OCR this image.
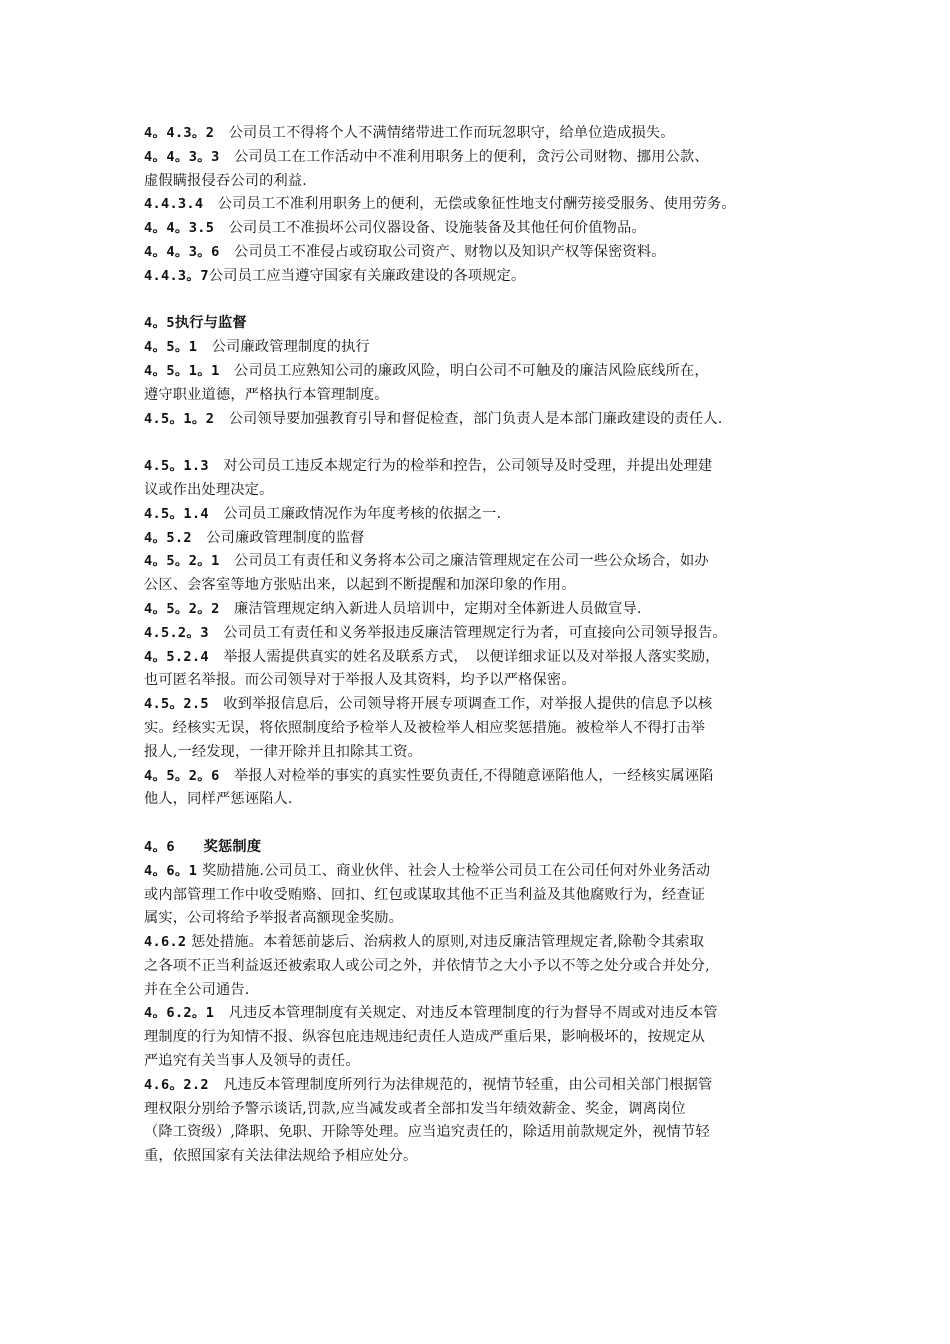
4。4.3。2　公司员工不得将个人不满情绪带进工作而玩忽职守，给单位造成损失。
4。4。3。3　公司员工在工作活动中不准利用职务上的便利，贪污公司财物、挪用公款、
虚假瞒报侵吞公司的利益.
4.4.3.4　公司员工不准利用职务上的便利，无偿或象征性地支付酬劳接受服务、使用劳务。
4。4。3.5　公司员工不准损坏公司仪器设备、设施装备及其他任何价值物品。
4。4。3。6　公司员工不准侵占或窃取公司资产、财物以及知识产权等保密资料。
4.4.3。7公司员工应当遵守国家有关廉政建设的各项规定。
4。5执行与监督
4。5。1　公司廉政管理制度的执行
4。5。1。1　公司员工应熟知公司的廉政风险，明白公司不可触及的廉洁风险底线所在，
遵守职业道德，严格执行本管理制度。
4.5。1。2　公司领导要加强教育引导和督促检查，部门负责人是本部门廉政建设的责任人.
4.5。1.3　对公司员工违反本规定行为的检举和控告，公司领导及时受理，并提出处理建
议或作出处理决定。
4.5。1.4　公司员工廉政情况作为年度考核的依据之一.
4。5.2　公司廉政管理制度的监督
4。5。2。1　公司员工有责任和义务将本公司之廉洁管理规定在公司一些公众场合，如办
公区、会客室等地方张贴出来，以起到不断提醒和加深印象的作用。
4。5。2。2　廉洁管理规定纳入新进人员培训中，定期对全体新进人员做宣导.
4.5.2。3　公司员工有责任和义务举报违反廉洁管理规定行为者，可直接向公司领导报告。
4。5.2.4　举报人需提供真实的姓名及联系方式，　以便详细求证以及对举报人落实奖励，
也可匿名举报。而公司领导对于举报人及其资料，均予以严格保密。
4.5。2.5　收到举报信息后，公司领导将开展专项调查工作，对举报人提供的信息予以核
实。经核实无误，将依照制度给予检举人及被检举人相应奖惩措施。被检举人不得打击举
报人,一经发现，一律开除并且扣除其工资。
4。5。2。6　举报人对检举的事实的真实性要负责任,不得随意诬陷他人，一经核实属诬陷
他人，同样严惩诬陷人.
4。6　　奖惩制度
4。6。1 奖励措施.公司员工、商业伙伴、社会人士检举公司员工在公司任何对外业务活动
或内部管理工作中收受贿赂、回扣、红包或谋取其他不正当利益及其他腐败行为，经查证
属实，公司将给予举报者高额现金奖励。
4.6.2 惩处措施。本着惩前毖后、治病救人的原则,对违反廉洁管理规定者,除勒令其索取
之各项不正当利益返还被索取人或公司之外，并依情节之大小予以不等之处分或合并处分,
并在全公司通告.
4。6.2。1　凡违反本管理制度有关规定、对违反本管理制度的行为督导不周或对违反本管
理制度的行为知情不报、纵容包庇违规违纪责任人造成严重后果，影响极坏的，按规定从
严追究有关当事人及领导的责任。
4.6。2.2　凡违反本管理制度所列行为法律规范的，视情节轻重，由公司相关部门根据管
理权限分别给予警示谈话,罚款,应当减发或者全部扣发当年绩效薪金、奖金，调离岗位
（降工资级）,降职、免职、开除等处理。应当追究责任的，除适用前款规定外，视情节轻
重，依照国家有关法律法规给予相应处分。
